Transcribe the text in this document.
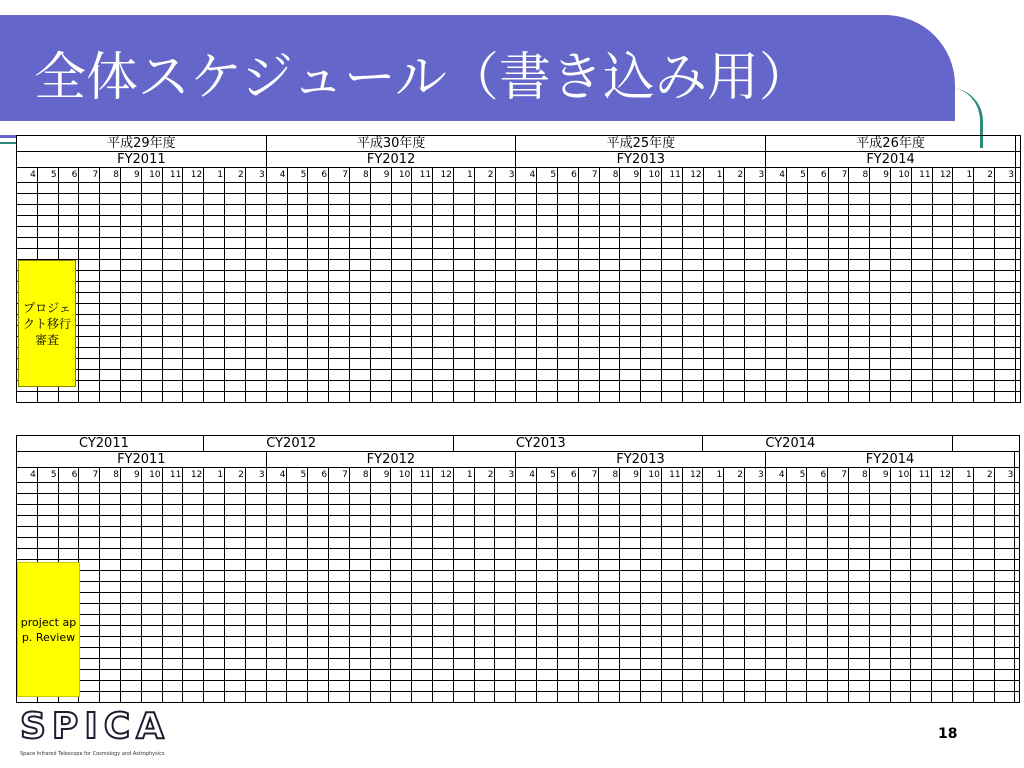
全体スケジュール（書き込み用）
平成29年度												平成30年度												平成25年度												平成26年度												
FY2011												FY2012												FY2013												FY2014												
4	5	6	7	8	9	10	11	12	1	2	3	4	5	6	7	8	9	10	11	12	1	2	3	4	5	6	7	8	9	10	11	12	1	2	3	4	5	6	7	8	9	10	11	12	1	2	3	

CY2011									CY2012												CY2013												CY2014															
FY2011												FY2012												FY2013												FY2014												
4	5	6	7	8	9	10	11	12	1	2	3	4	5	6	7	8	9	10	11	12	1	2	3	4	5	6	7	8	9	10	11	12	1	2	3	4	5	6	7	8	9	10	11	12	1	2	3	

プロジェクト移行審査
project app. Review
SPICA
Space Infrared Telescope for Cosmology and Astrophysics
18
